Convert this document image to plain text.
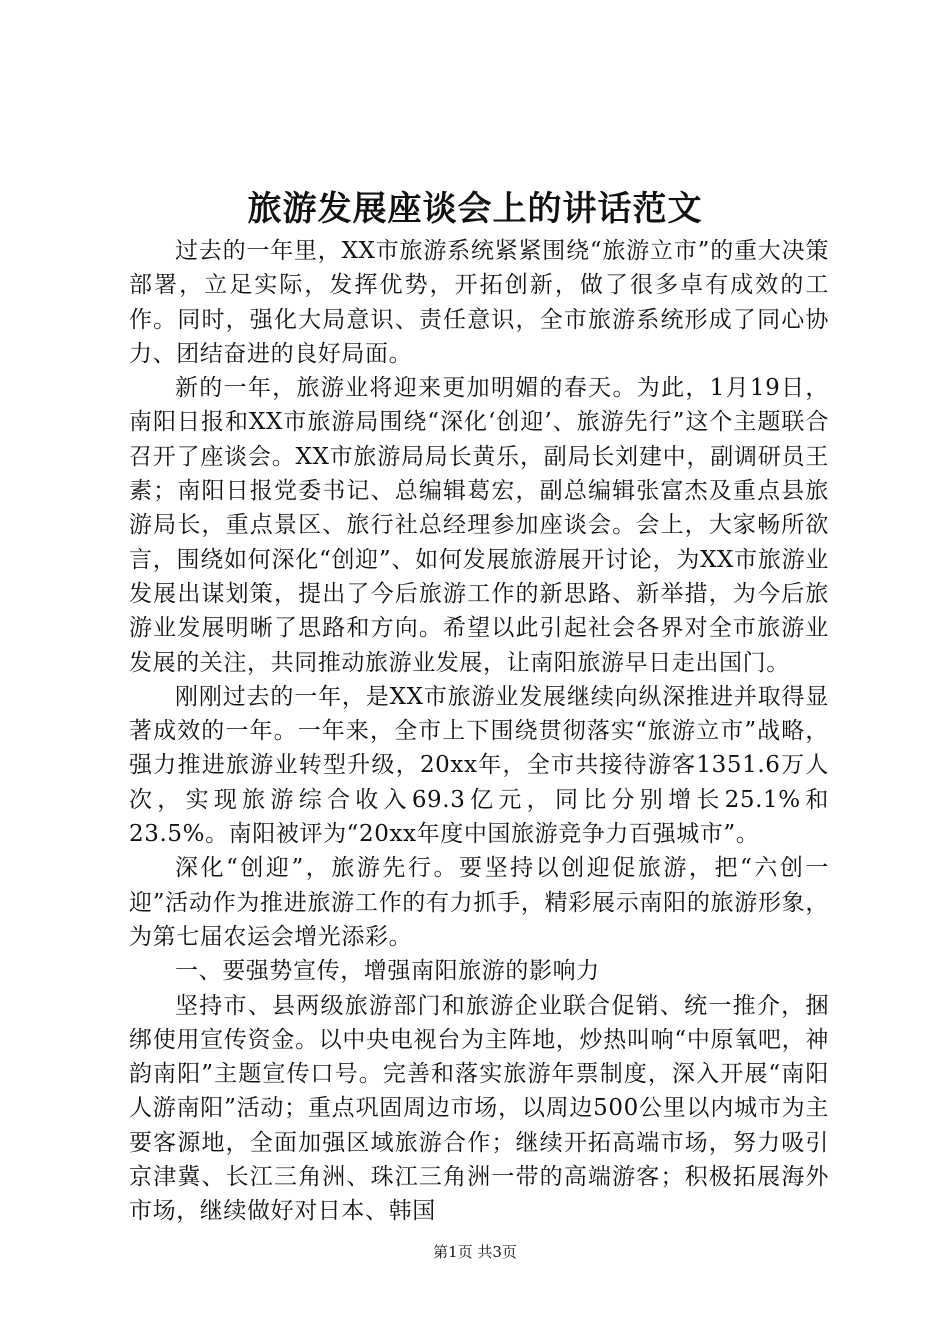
旅游发展座谈会上的讲话范文

过去的一年里，XX市旅游系统紧紧围绕“旅游立市”的重大决策部署，立足实际，发挥优势，开拓创新，做了很多卓有成效的工作。同时，强化大局意识、责任意识，全市旅游系统形成了同心协力、团结奋进的良好局面。

新的一年，旅游业将迎来更加明媚的春天。为此，1月19日，南阳日报和XX市旅游局围绕“深化‘创迎’、旅游先行”这个主题联合召开了座谈会。XX市旅游局局长黄乐，副局长刘建中，副调研员王素；南阳日报党委书记、总编辑葛宏，副总编辑张富杰及重点县旅游局长，重点景区、旅行社总经理参加座谈会。会上，大家畅所欲言，围绕如何深化“创迎”、如何发展旅游展开讨论，为XX市旅游业发展出谋划策，提出了今后旅游工作的新思路、新举措，为今后旅游业发展明晰了思路和方向。希望以此引起社会各界对全市旅游业发展的关注，共同推动旅游业发展，让南阳旅游早日走出国门。

刚刚过去的一年，是XX市旅游业发展继续向纵深推进并取得显著成效的一年。一年来，全市上下围绕贯彻落实“旅游立市”战略，强力推进旅游业转型升级，20xx年，全市共接待游客1351.6万人次，实现旅游综合收入69.3亿元，同比分别增长25.1%和23.5%。南阳被评为“20xx年度中国旅游竞争力百强城市”。

深化“创迎”，旅游先行。要坚持以创迎促旅游，把“六创一迎”活动作为推进旅游工作的有力抓手，精彩展示南阳的旅游形象，为第七届农运会增光添彩。

一、要强势宣传，增强南阳旅游的影响力

坚持市、县两级旅游部门和旅游企业联合促销、统一推介，捆绑使用宣传资金。以中央电视台为主阵地，炒热叫响“中原氧吧，神韵南阳”主题宣传口号。完善和落实旅游年票制度，深入开展“南阳人游南阳”活动；重点巩固周边市场，以周边500公里以内城市为主要客源地，全面加强区域旅游合作；继续开拓高端市场，努力吸引京津冀、长江三角洲、珠江三角洲一带的高端游客；积极拓展海外市场，继续做好对日本、韩国

第1页 共3页
